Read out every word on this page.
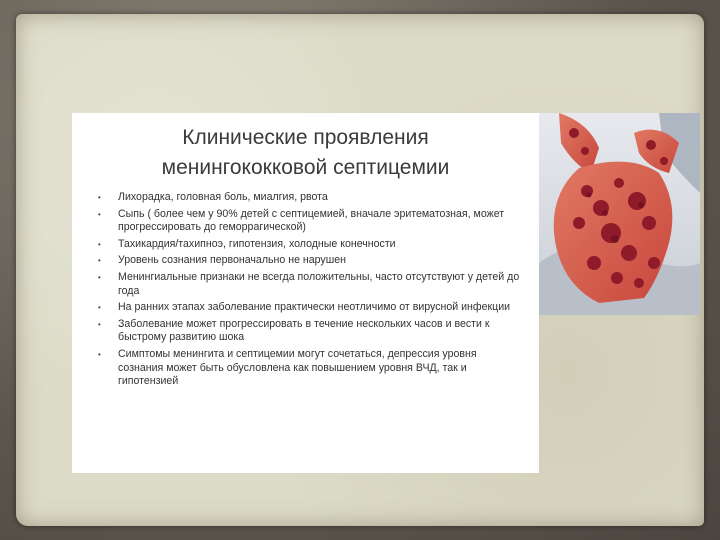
Клинические проявления
менингококковой септицемии
• Лихорадка, головная боль, миалгия, рвота
• Сыпь ( более чем у 90% детей с септицемией, вначале эритематозная, может прогрессировать до геморрагической)
• Тахикардия/тахипноэ, гипотензия, холодные конечности
• Уровень сознания первоначально не нарушен
• Менингиальные признаки не всегда положительны, часто отсутствуют у детей до года
• На ранних этапах заболевание практически неотличимо от вирусной инфекции
• Заболевание может прогрессировать в течение нескольких часов и вести к быстрому развитию шока
• Симптомы менингита и септицемии могут сочетаться, депрессия уровня сознания может быть обусловлена как повышением уровня ВЧД, так и гипотензией
